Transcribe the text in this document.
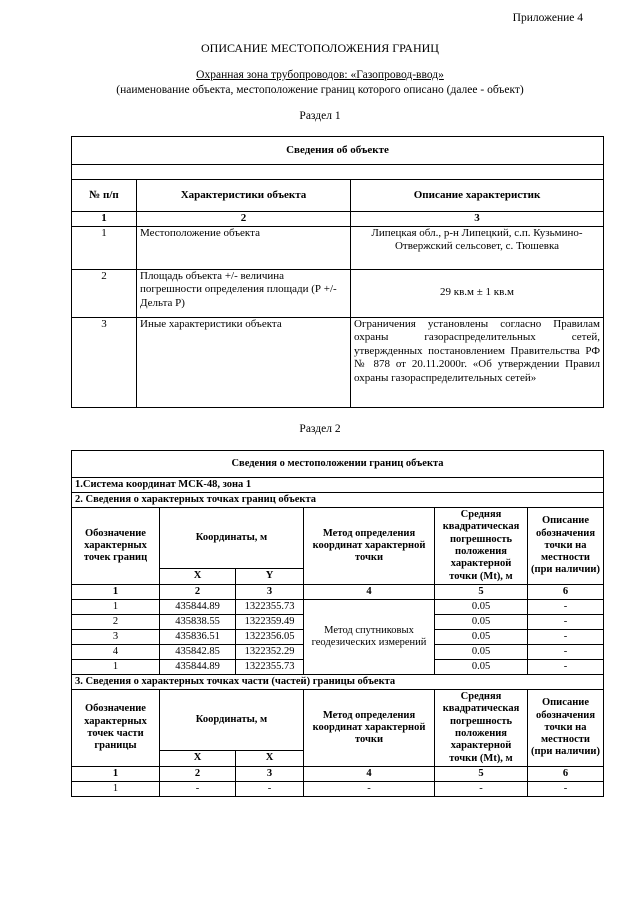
Приложение 4
ОПИСАНИЕ МЕСТОПОЛОЖЕНИЯ ГРАНИЦ
Охранная зона трубопроводов: «Газопровод-ввод»
(наименование объекта, местоположение границ которого описано (далее - объект)
Раздел 1
Сведения об объекте		

№ п/п	Характеристики объекта	Описание характеристик
1	2	3
1	Местоположение объекта	Липецкая обл., р-н Липецкий, с.п. Кузьмино-Отвержский сельсовет, с. Тюшевка
2	Площадь объекта +/- величина погрешности определения площади (Р +/- Дельта Р)	29 кв.м ± 1 кв.м
3	Иные характеристики объекта	Ограничения установлены согласно Правилам охраны газораспределительных сетей, утвержденных постановлением Правительства РФ № 878 от 20.11.2000г. «Об утверждении Правил охраны газораспределительных сетей»
Раздел 2
Сведения о местоположении границ объекта					
1.Система координат МСК-48, зона 1					
2. Сведения о характерных точках границ объекта					
Обозначение характерных точек границ	Координаты, м		Метод определения координат характерной точки	Средняя квадратическая погрешность положения характерной точки (Mt), м	Описание обозначения точки на местности (при наличии)
	X	Y			
1	2	3	4	5	6
1	435844.89	1322355.73	Метод спутниковых геодезических измерений	0.05	-
2	435838.55	1322359.49		0.05	-
3	435836.51	1322356.05		0.05	-
4	435842.85	1322352.29		0.05	-
1	435844.89	1322355.73		0.05	-
3. Сведения о характерных точках части (частей) границы объекта					
Обозначение характерных точек части границы	Координаты, м		Метод определения координат характерной точки	Средняя квадратическая погрешность положения характерной точки (Mt), м	Описание обозначения точки на местности (при наличии)
	X	X			
1	2	3	4	5	6
1	-	-	-	-	-
